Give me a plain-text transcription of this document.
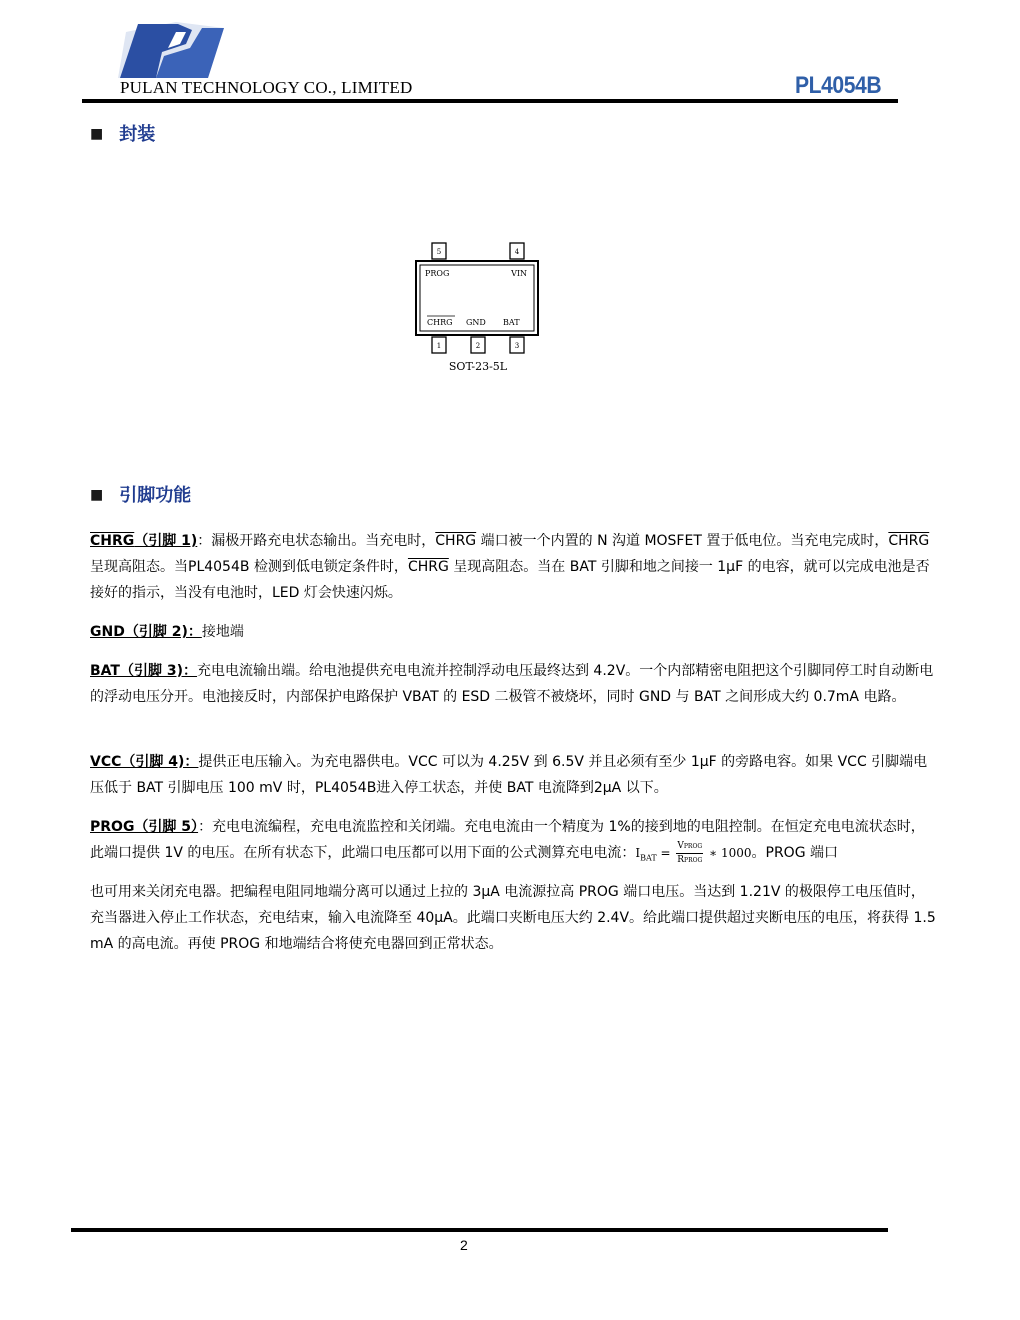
PULAN TECHNOLOGY CO., LIMITED	PL4054B
■ 封装
5	4
PROG	VIN
CHRG GND BAT
1	2	3
SOT-23-5L
■ 引脚功能
CHRG（引脚 1)：漏极开路充电状态输出。当充电时，CHRG 端口被一个内置的 N 沟道 MOSFET 置于低电位。当充电完成时，CHRG 呈现高阻态。当PL4054B 检测到低电锁定条件时，CHRG 呈现高阻态。当在 BAT 引脚和地之间接一 1μF 的电容，就可以完成电池是否接好的指示，当没有电池时，LED 灯会快速闪烁。
GND（引脚 2)：接地端
BAT（引脚 3)：充电电流输出端。给电池提供充电电流并控制浮动电压最终达到 4.2V。一个内部精密电阻把这个引脚同停工时自动断电的浮动电压分开。电池接反时，内部保护电路保护 VBAT 的 ESD 二极管不被烧坏，同时 GND 与 BAT 之间形成大约 0.7mA 电路。
VCC（引脚 4)：提供正电压输入。为充电器供电。VCC 可以为 4.25V 到 6.5V 并且必须有至少 1μF 的旁路电容。如果 VCC 引脚端电压低于 BAT 引脚电压 100 mV 时，PL4054B进入停工状态，并使 BAT 电流降到2μA 以下。
PROG（引脚 5）：充电电流编程，充电电流监控和关闭端。充电电流由一个精度为 1%的接到地的电阻控制。在恒定充电电流状态时，此端口提供 1V 的电压。在所有状态下，此端口电压都可以用下面的公式测算充电电流：$I_{BAT} = \frac{\text{VPROG}}{\text{RPROG}}$ ∗ 1000。PROG 端口
也可用来关闭充电器。把编程电阻同地端分离可以通过上拉的 3μA 电流源拉高 PROG 端口电压。当达到 1.21V 的极限停工电压值时，充当器进入停止工作状态，充电结束，输入电流降至 40μA。此端口夹断电压大约 2.4V。给此端口提供超过夹断电压的电压，将获得 1.5 mA 的高电流。再使 PROG 和地端结合将使充电器回到正常状态。
2
